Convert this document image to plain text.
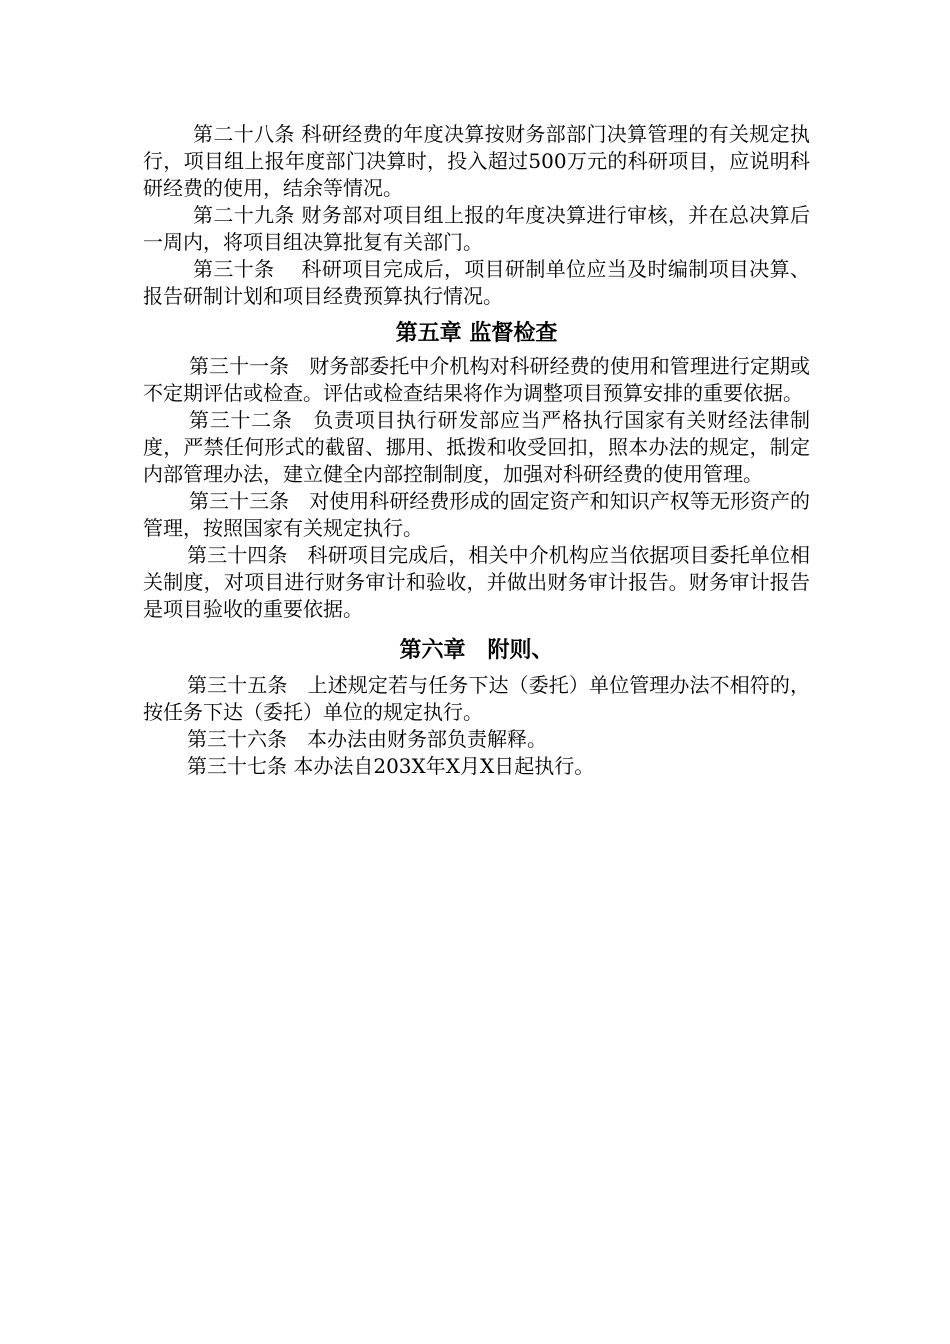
第二十八条 科研经费的年度决算按财务部部门决算管理的有关规定执行，项目组上报年度部门决算时，投入超过500万元的科研项目，应说明科研经费的使用，结余等情况。

第二十九条 财务部对项目组上报的年度决算进行审核，并在总决算后一周内，将项目组决算批复有关部门。

第三十条　 科研项目完成后，项目研制单位应当及时编制项目决算、报告研制计划和项目经费预算执行情况。

第五章 监督检查

第三十一条　财务部委托中介机构对科研经费的使用和管理进行定期或不定期评估或检查。评估或检查结果将作为调整项目预算安排的重要依据。

第三十二条　负责项目执行研发部应当严格执行国家有关财经法律制度，严禁任何形式的截留、挪用、抵拨和收受回扣，照本办法的规定，制定内部管理办法，建立健全内部控制制度，加强对科研经费的使用管理。

第三十三条　对使用科研经费形成的固定资产和知识产权等无形资产的管理，按照国家有关规定执行。

第三十四条　科研项目完成后，相关中介机构应当依据项目委托单位相关制度，对项目进行财务审计和验收，并做出财务审计报告。财务审计报告是项目验收的重要依据。

第六章　附则、

第三十五条　上述规定若与任务下达（委托）单位管理办法不相符的，按任务下达（委托）单位的规定执行。

第三十六条　本办法由财务部负责解释。

第三十七条 本办法自203X年X月X日起执行。
